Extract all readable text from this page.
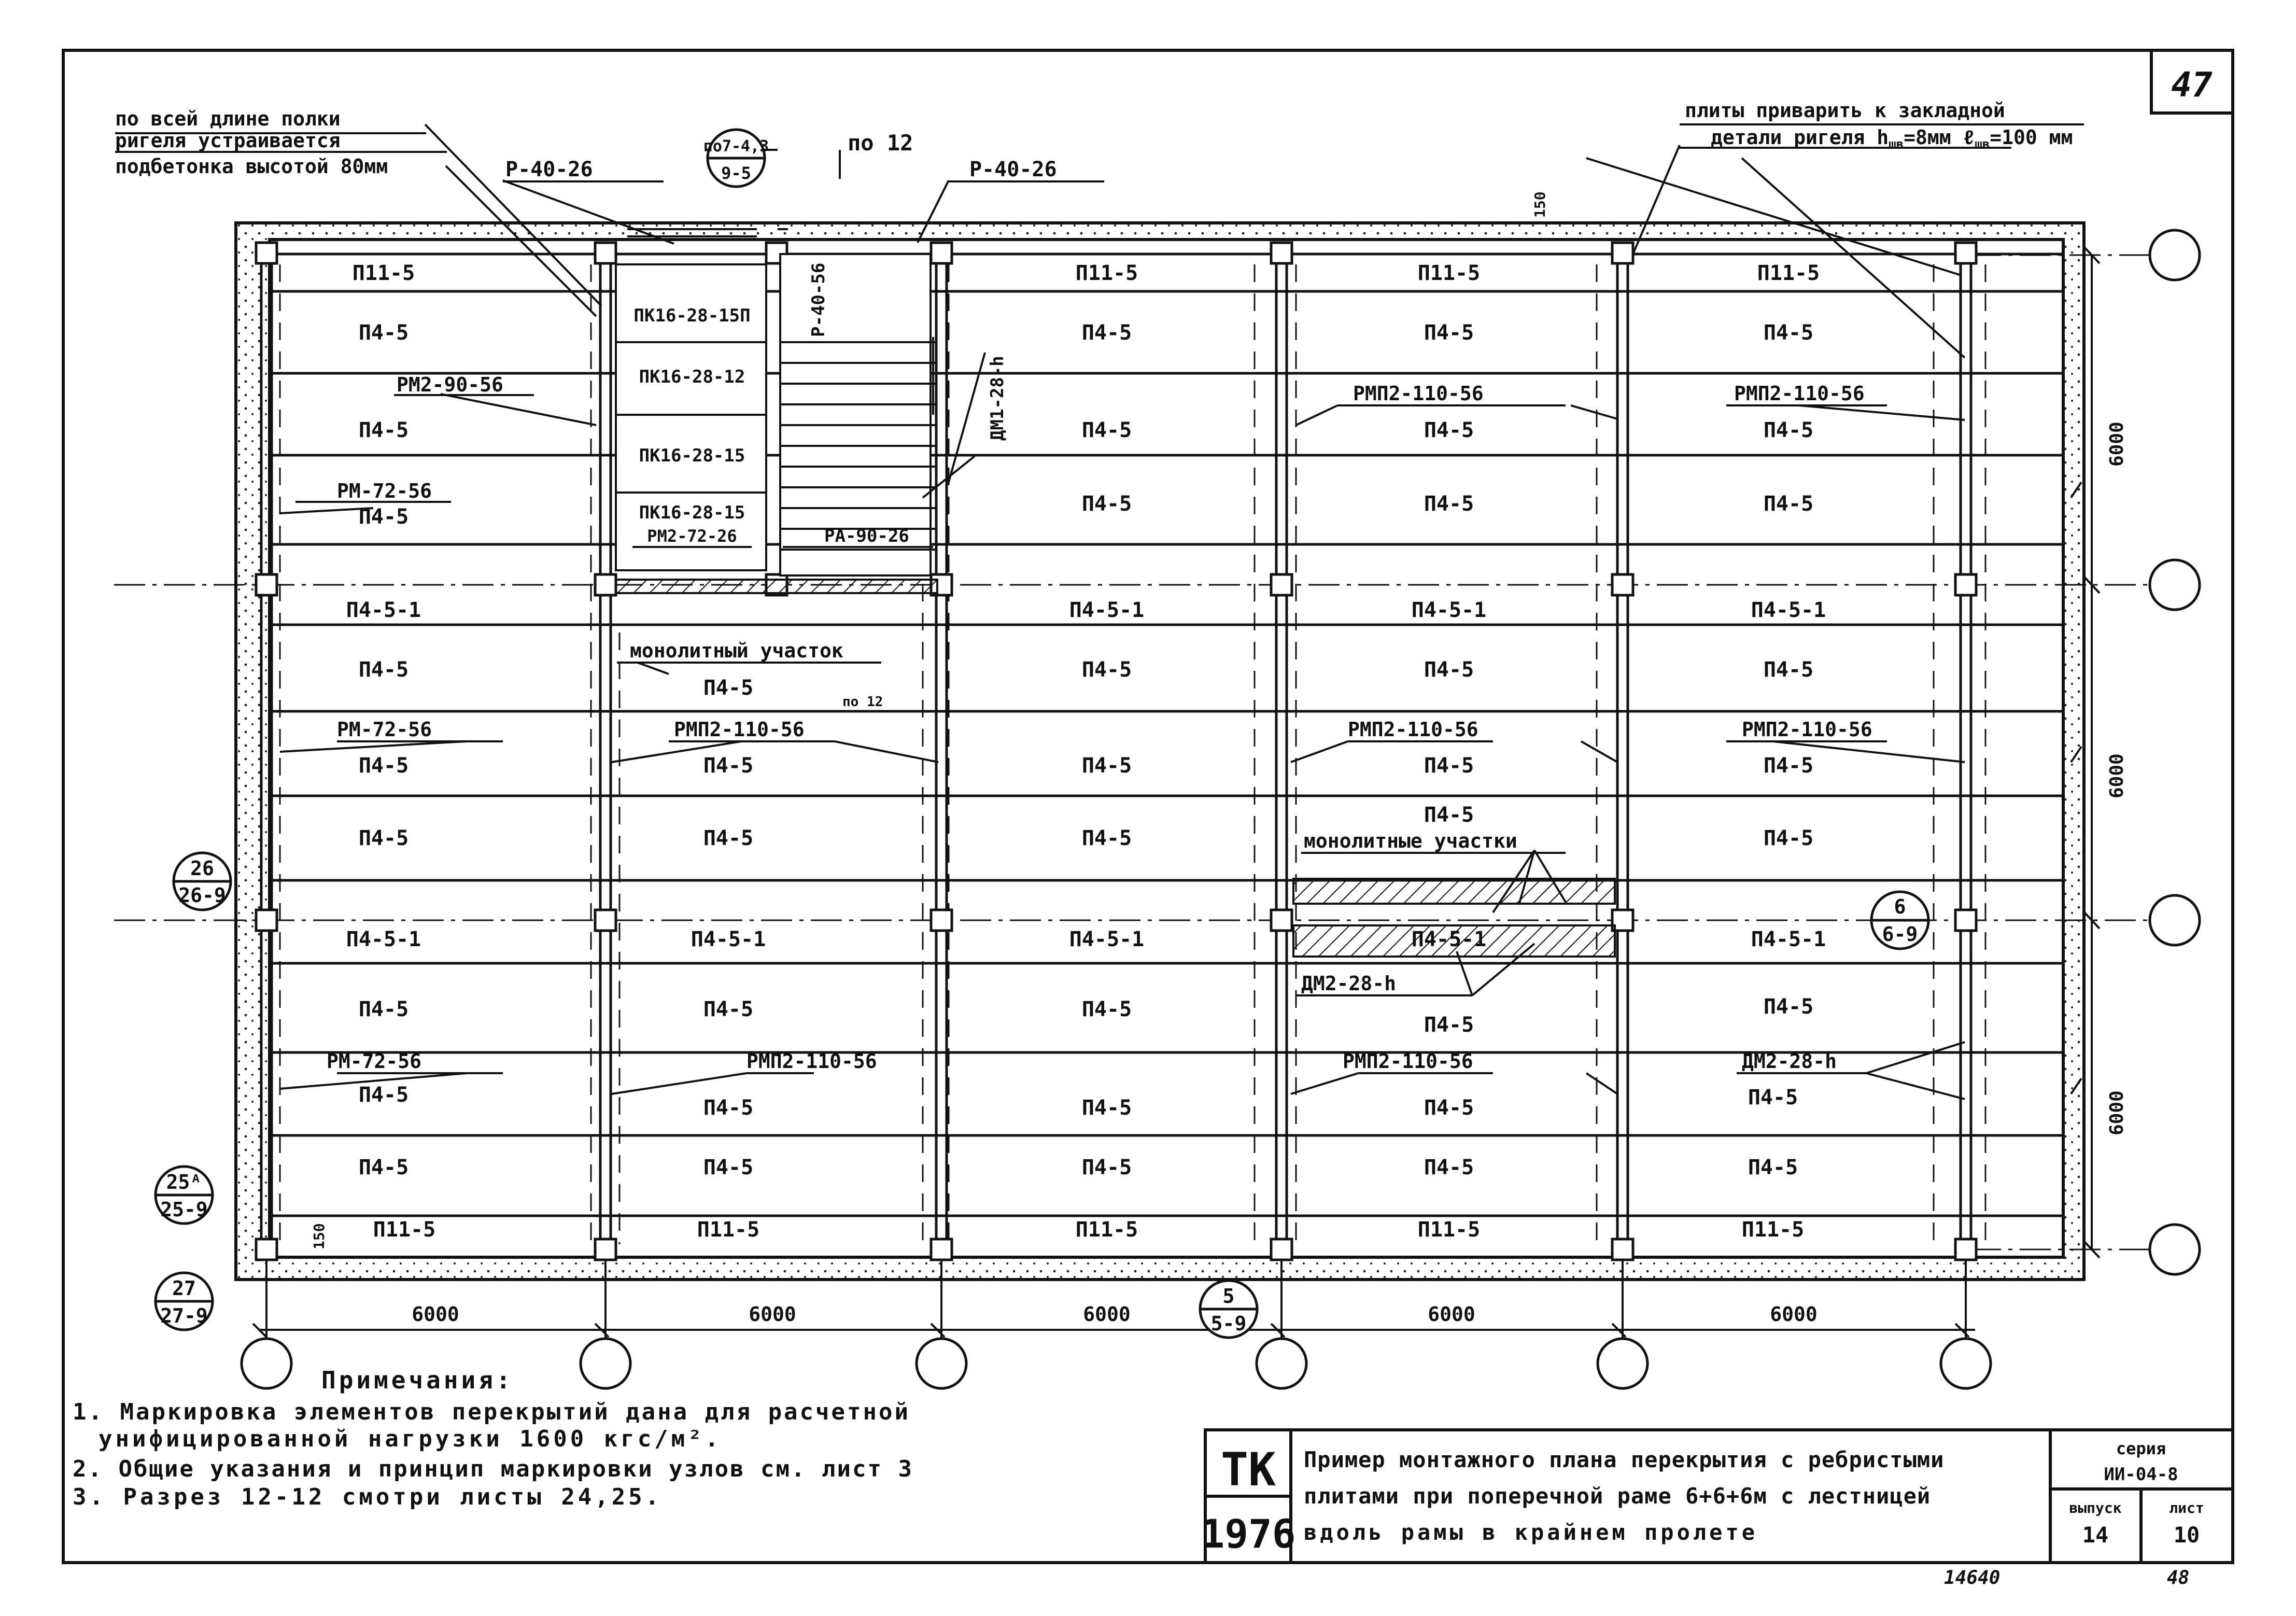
47
по всей длине полки
ригеля устраивается
подбетонка высотой 80мм
плиты приварить к закладной
детали ригеля $h_{шв}=8мм$ ℓ$_{шв}$=100 мм
Р-40-26	Р-40-26
по7-4,3
9-5
по 12
Р-40-56
ДМ1-28-h
150
150
6000
6000
6000
6000	6000	6000	6000	6000
ПК16-28-15П
ПК16-28-12
ПК16-28-15
ПК16-28-15
РМ2-72-26	РА-90-26
монолитный участок
монолитные участки
по 12
П11-5	П11-5	П11-5	П11-5
П4-5	П4-5	П4-5	П4-5
П4-5	П4-5	П4-5	П4-5
П4-5
П4-5	П4-5	П4-5
П4-5-1	П4-5-1	П4-5-1	П4-5-1
П4-5
П4-5
П4-5	П4-5	П4-5
П4-5	П4-5	П4-5	П4-5	П4-5
П4-5	П4-5	П4-5
П4-5
П4-5
П4-5-1	П4-5-1	П4-5-1	П4-5-1	П4-5-1
П4-5	П4-5	П4-5
П4-5
П4-5
П4-5
П4-5	П4-5	П4-5	П4-5
П4-5	П4-5	П4-5	П4-5	П4-5
П11-5	П11-5	П11-5	П11-5	П11-5
РМ2-90-56
РМ-72-56
РМП2-110-56	РМП2-110-56
РМ-72-56	РМП2-110-56	РМП2-110-56	РМП2-110-56
РМ-72-56	РМП2-110-56	РМП2-110-56
ДМ2-28-h
ДМ2-28-h
26
26-9	6
6-9
25ᴬ
25-9
27
27-9
5
5-9
Примечания:
1. Маркировка элементов перекрытий дана для расчетной
унифицированной нагрузки 1600 кгс/м².
2. Общие указания и принцип маркировки узлов см. лист 3
3. Разрез 12-12 смотри листы 24,25.
ТК
1976
Пример монтажного плана перекрытия с ребристыми
плитами при поперечной раме 6+6+6м с лестницей
вдоль рамы в крайнем пролете
серия
ИИ-04-8
выпуск
14
лист
10
14640	48
